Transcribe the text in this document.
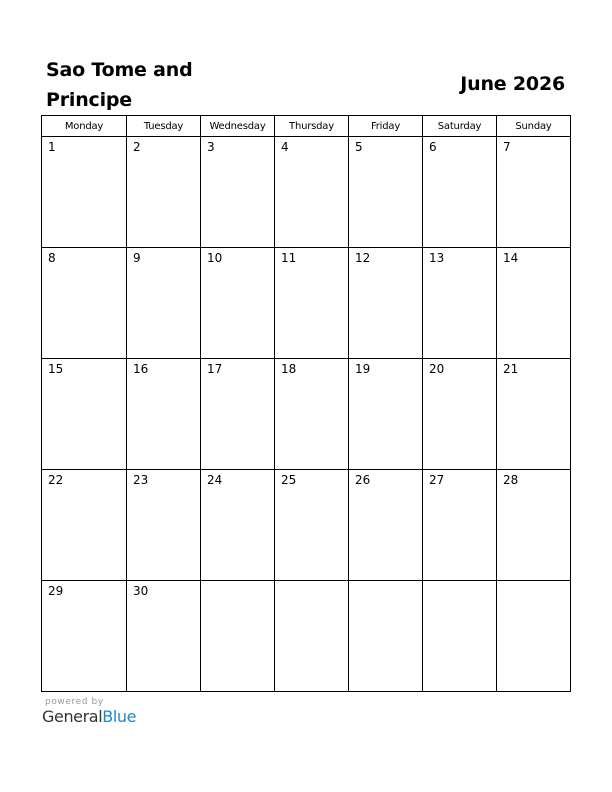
Sao Tome and Principe
June 2026
Monday	Tuesday	Wednesday	Thursday	Friday	Saturday	Sunday

1	2	3	4	5	6	7

8	9	10	11	12	13	14

15	16	17	18	19	20	21

22	23	24	25	26	27	28

29	30					

powered by
GeneralBlue
